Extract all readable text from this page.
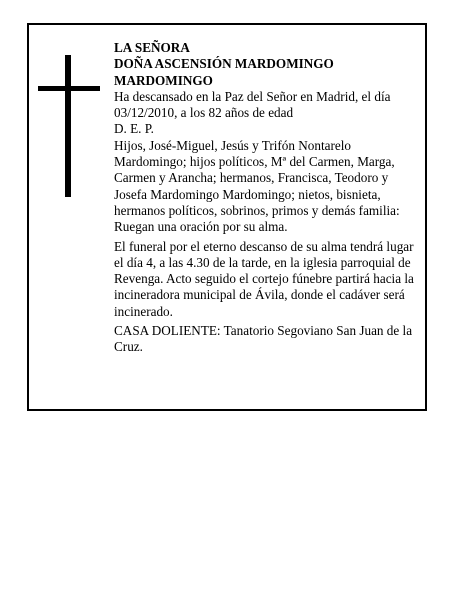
LA SEÑORA

DOÑA ASCENSIÓN MARDOMINGO MARDOMINGO

Ha descansado en la Paz del Señor en Madrid, el día 03/12/2010, a los 82 años de edad

D. E. P.

Hijos, José-Miguel, Jesús y Trifón Nontarelo Mardomingo; hijos políticos, Mª del Carmen, Marga, Carmen y Arancha; hermanos, Francisca, Teodoro y Josefa Mardomingo Mardomingo; nietos, bisnieta, hermanos políticos, sobrinos, primos y demás familia: Ruegan una oración por su alma.

El funeral por el eterno descanso de su alma tendrá lugar el día 4, a las 4.30 de la tarde, en la iglesia parroquial de Revenga. Acto seguido el cortejo fúnebre partirá hacia la incineradora municipal de Ávila, donde el cadáver será incinerado.

CASA DOLIENTE: Tanatorio Segoviano San Juan de la Cruz.
